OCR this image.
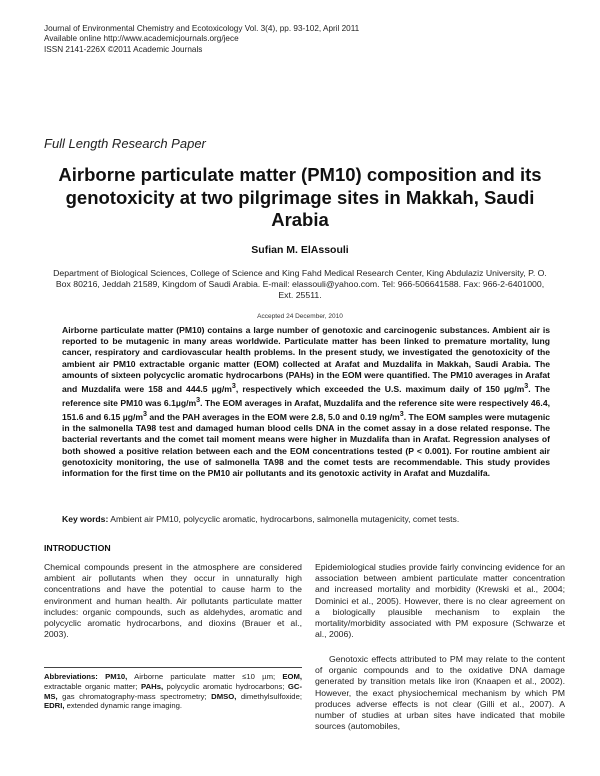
Journal of Environmental Chemistry and Ecotoxicology Vol. 3(4), pp. 93-102, April 2011
Available online http://www.academicjournals.org/jece
ISSN 2141-226X ©2011 Academic Journals
Full Length Research Paper
Airborne particulate matter (PM10) composition and its genotoxicity at two pilgrimage sites in Makkah, Saudi Arabia
Sufian M. ElAssouli
Department of Biological Sciences, College of Science and King Fahd Medical Research Center, King Abdulaziz University, P. O. Box 80216, Jeddah 21589, Kingdom of Saudi Arabia. E-mail: elassouli@yahoo.com. Tel: 966-506641588. Fax: 966-2-6401000, Ext. 25511.
Accepted 24 December, 2010
Airborne particulate matter (PM10) contains a large number of genotoxic and carcinogenic substances. Ambient air is reported to be mutagenic in many areas worldwide. Particulate matter has been linked to premature mortality, lung cancer, respiratory and cardiovascular health problems. In the present study, we investigated the genotoxicity of the ambient air PM10 extractable organic matter (EOM) collected at Arafat and Muzdalifa in Makkah, Saudi Arabia. The amounts of sixteen polycyclic aromatic hydrocarbons (PAHs) in the EOM were quantified. The PM10 averages in Arafat and Muzdalifa were 158 and 444.5 $\mu g/m^3$, respectively which exceeded the U.S. maximum daily of 150 $\mu g/m^3$. The reference site PM10 was $6.1\mu g/m^3$. The EOM averages in Arafat, Muzdalifa and the reference site were respectively 46.4, 151.6 and 6.15 $\mu g/m^3$ and the PAH averages in the EOM were 2.8, 5.0 and 0.19 $ng/m^3$. The EOM samples were mutagenic in the salmonella TA98 test and damaged human blood cells DNA in the comet assay in a dose related response. The bacterial revertants and the comet tail moment means were higher in Muzdalifa than in Arafat. Regression analyses of both showed a positive relation between each and the EOM concentrations tested (P < 0.001). For routine ambient air genotoxicity monitoring, the use of salmonella TA98 and the comet tests are recommendable. This study provides information for the first time on the PM10 air pollutants and its genotoxic activity in Arafat and Muzdalifa.
Key words: Ambient air PM10, polycyclic aromatic, hydrocarbons, salmonella mutagenicity, comet tests.
INTRODUCTION
Chemical compounds present in the atmosphere are considered ambient air pollutants when they occur in unnaturally high concentrations and have the potential to cause harm to the environment and human health. Air pollutants particulate matter includes: organic compounds, such as aldehydes, aromatic and polycyclic aromatic hydrocarbons, and dioxins (Brauer et al., 2003).
Epidemiological studies provide fairly convincing evidence for an association between ambient particulate matter concentration and increased mortality and morbidity (Krewski et al., 2004; Dominici et al., 2005). However, there is no clear agreement on a biologically plausible mechanism to explain the mortality/morbidity associated with PM exposure (Schwarze et al., 2006).
Genotoxic effects attributed to PM may relate to the content of organic compounds and to the oxidative DNA damage generated by transition metals like iron (Knaapen et al., 2002). However, the exact physiochemical mechanism by which PM produces adverse effects is not clear (Gilli et al., 2007). A number of studies at urban sites have indicated that mobile sources (automobiles,
Abbreviations: PM10, Airborne particulate matter ≤10 µm; EOM, extractable organic matter; PAHs, polycyclic aromatic hydrocarbons; GC-MS, gas chromatography-mass spectrometry; DMSO, dimethylsulfoxide; EDRI, extended dynamic range imaging.
